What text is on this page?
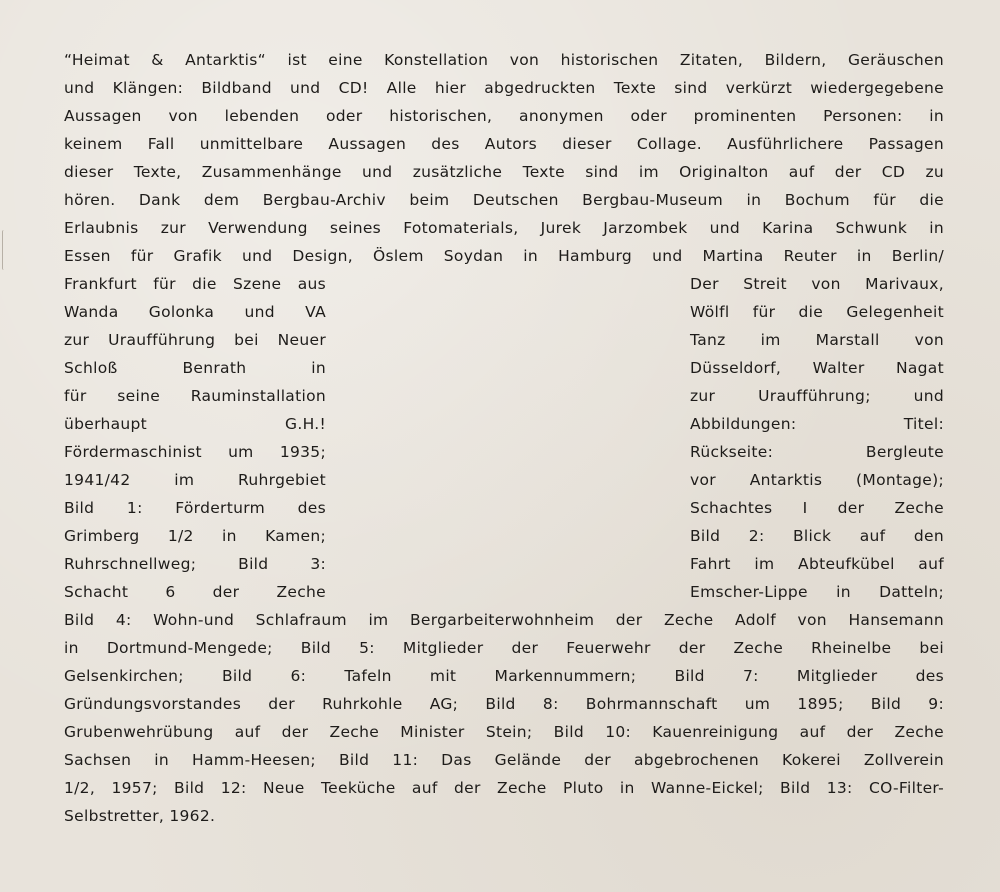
“Heimat & Antarktis“ ist eine Konstellation von historischen Zitaten, Bildern, Geräuschen
und Klängen: Bildband und CD! Alle hier abgedruckten Texte sind verkürzt wiedergegebene
Aussagen von lebenden oder historischen, anonymen oder prominenten Personen: in
keinem Fall unmittelbare Aussagen des Autors dieser Collage. Ausführlichere Passagen
dieser Texte, Zusammenhänge und zusätzliche Texte sind im Originalton auf der CD zu
hören. Dank dem Bergbau-Archiv beim Deutschen Bergbau-Museum in Bochum für die
Erlaubnis zur Verwendung seines Fotomaterials, Jurek Jarzombek und Karina Schwunk in
Essen für Grafik und Design, Öslem Soydan in Hamburg und Martina Reuter in Berlin/
Frankfurt für die Szene aus
Wanda Golonka und VA
zur Uraufführung bei Neuer
Schloß Benrath in
für seine Rauminstallation
überhaupt G.H.!
Fördermaschinist um 1935;
1941/42 im Ruhrgebiet
Bild 1: Förderturm des
Grimberg 1/2 in Kamen;
Ruhrschnellweg; Bild 3:
Schacht 6 der Zeche
Der Streit von Marivaux,
Wölfl für die Gelegenheit
Tanz im Marstall von
Düsseldorf, Walter Nagat
zur Uraufführung; und
Abbildungen: Titel:
Rückseite: Bergleute
vor Antarktis (Montage);
Schachtes I der Zeche
Bild 2: Blick auf den
Fahrt im Abteufkübel auf
Emscher-Lippe in Datteln;
Bild 4: Wohn-und Schlafraum im Bergarbeiterwohnheim der Zeche Adolf von Hansemann
in Dortmund-Mengede; Bild 5: Mitglieder der Feuerwehr der Zeche Rheinelbe bei
Gelsenkirchen; Bild 6: Tafeln mit Markennummern; Bild 7: Mitglieder des
Gründungsvorstandes der Ruhrkohle AG; Bild 8: Bohrmannschaft um 1895; Bild 9:
Grubenwehrübung auf der Zeche Minister Stein; Bild 10: Kauenreinigung auf der Zeche
Sachsen in Hamm-Heesen; Bild 11: Das Gelände der abgebrochenen Kokerei Zollverein
1/2, 1957; Bild 12: Neue Teeküche auf der Zeche Pluto in Wanne-Eickel; Bild 13: CO-Filter-
Selbstretter, 1962.
